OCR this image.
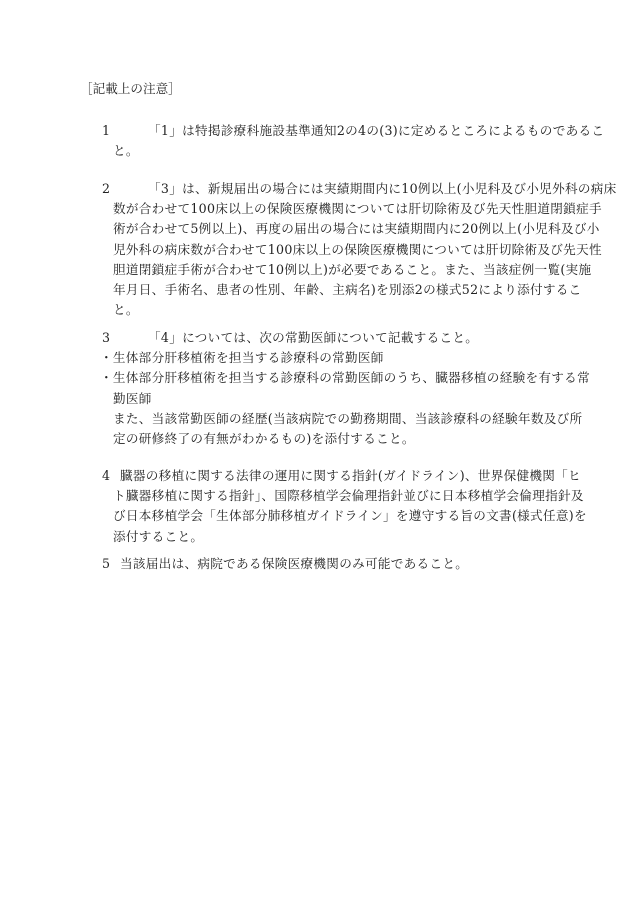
［記載上の注意］
1	「1」は特掲診療科施設基準通知2の4の(3)に定めるところによるものであるこ
と。
2	「3」は、新規届出の場合には実績期間内に10例以上(小児科及び小児外科の病床
数が合わせて100床以上の保険医療機関については肝切除術及び先天性胆道閉鎖症手
術が合わせて5例以上)、再度の届出の場合には実績期間内に20例以上(小児科及び小
児外科の病床数が合わせて100床以上の保険医療機関については肝切除術及び先天性
胆道閉鎖症手術が合わせて10例以上)が必要であること。また、当該症例一覧(実施
年月日、手術名、患者の性別、年齢、主病名)を別添2の様式52により添付するこ
と。
3	「4」については、次の常勤医師について記載すること。
・生体部分肝移植術を担当する診療科の常勤医師
・生体部分肝移植術を担当する診療科の常勤医師のうち、臓器移植の経験を有する常
勤医師
また、当該常勤医師の経歴(当該病院での勤務期間、当該診療科の経験年数及び所
定の研修終了の有無がわかるもの)を添付すること。
4 臓器の移植に関する法律の運用に関する指針(ガイドライン)、世界保健機関「ヒ
ト臓器移植に関する指針」、国際移植学会倫理指針並びに日本移植学会倫理指針及
び日本移植学会「生体部分肺移植ガイドライン」を遵守する旨の文書(様式任意)を
添付すること。
5 当該届出は、病院である保険医療機関のみ可能であること。
